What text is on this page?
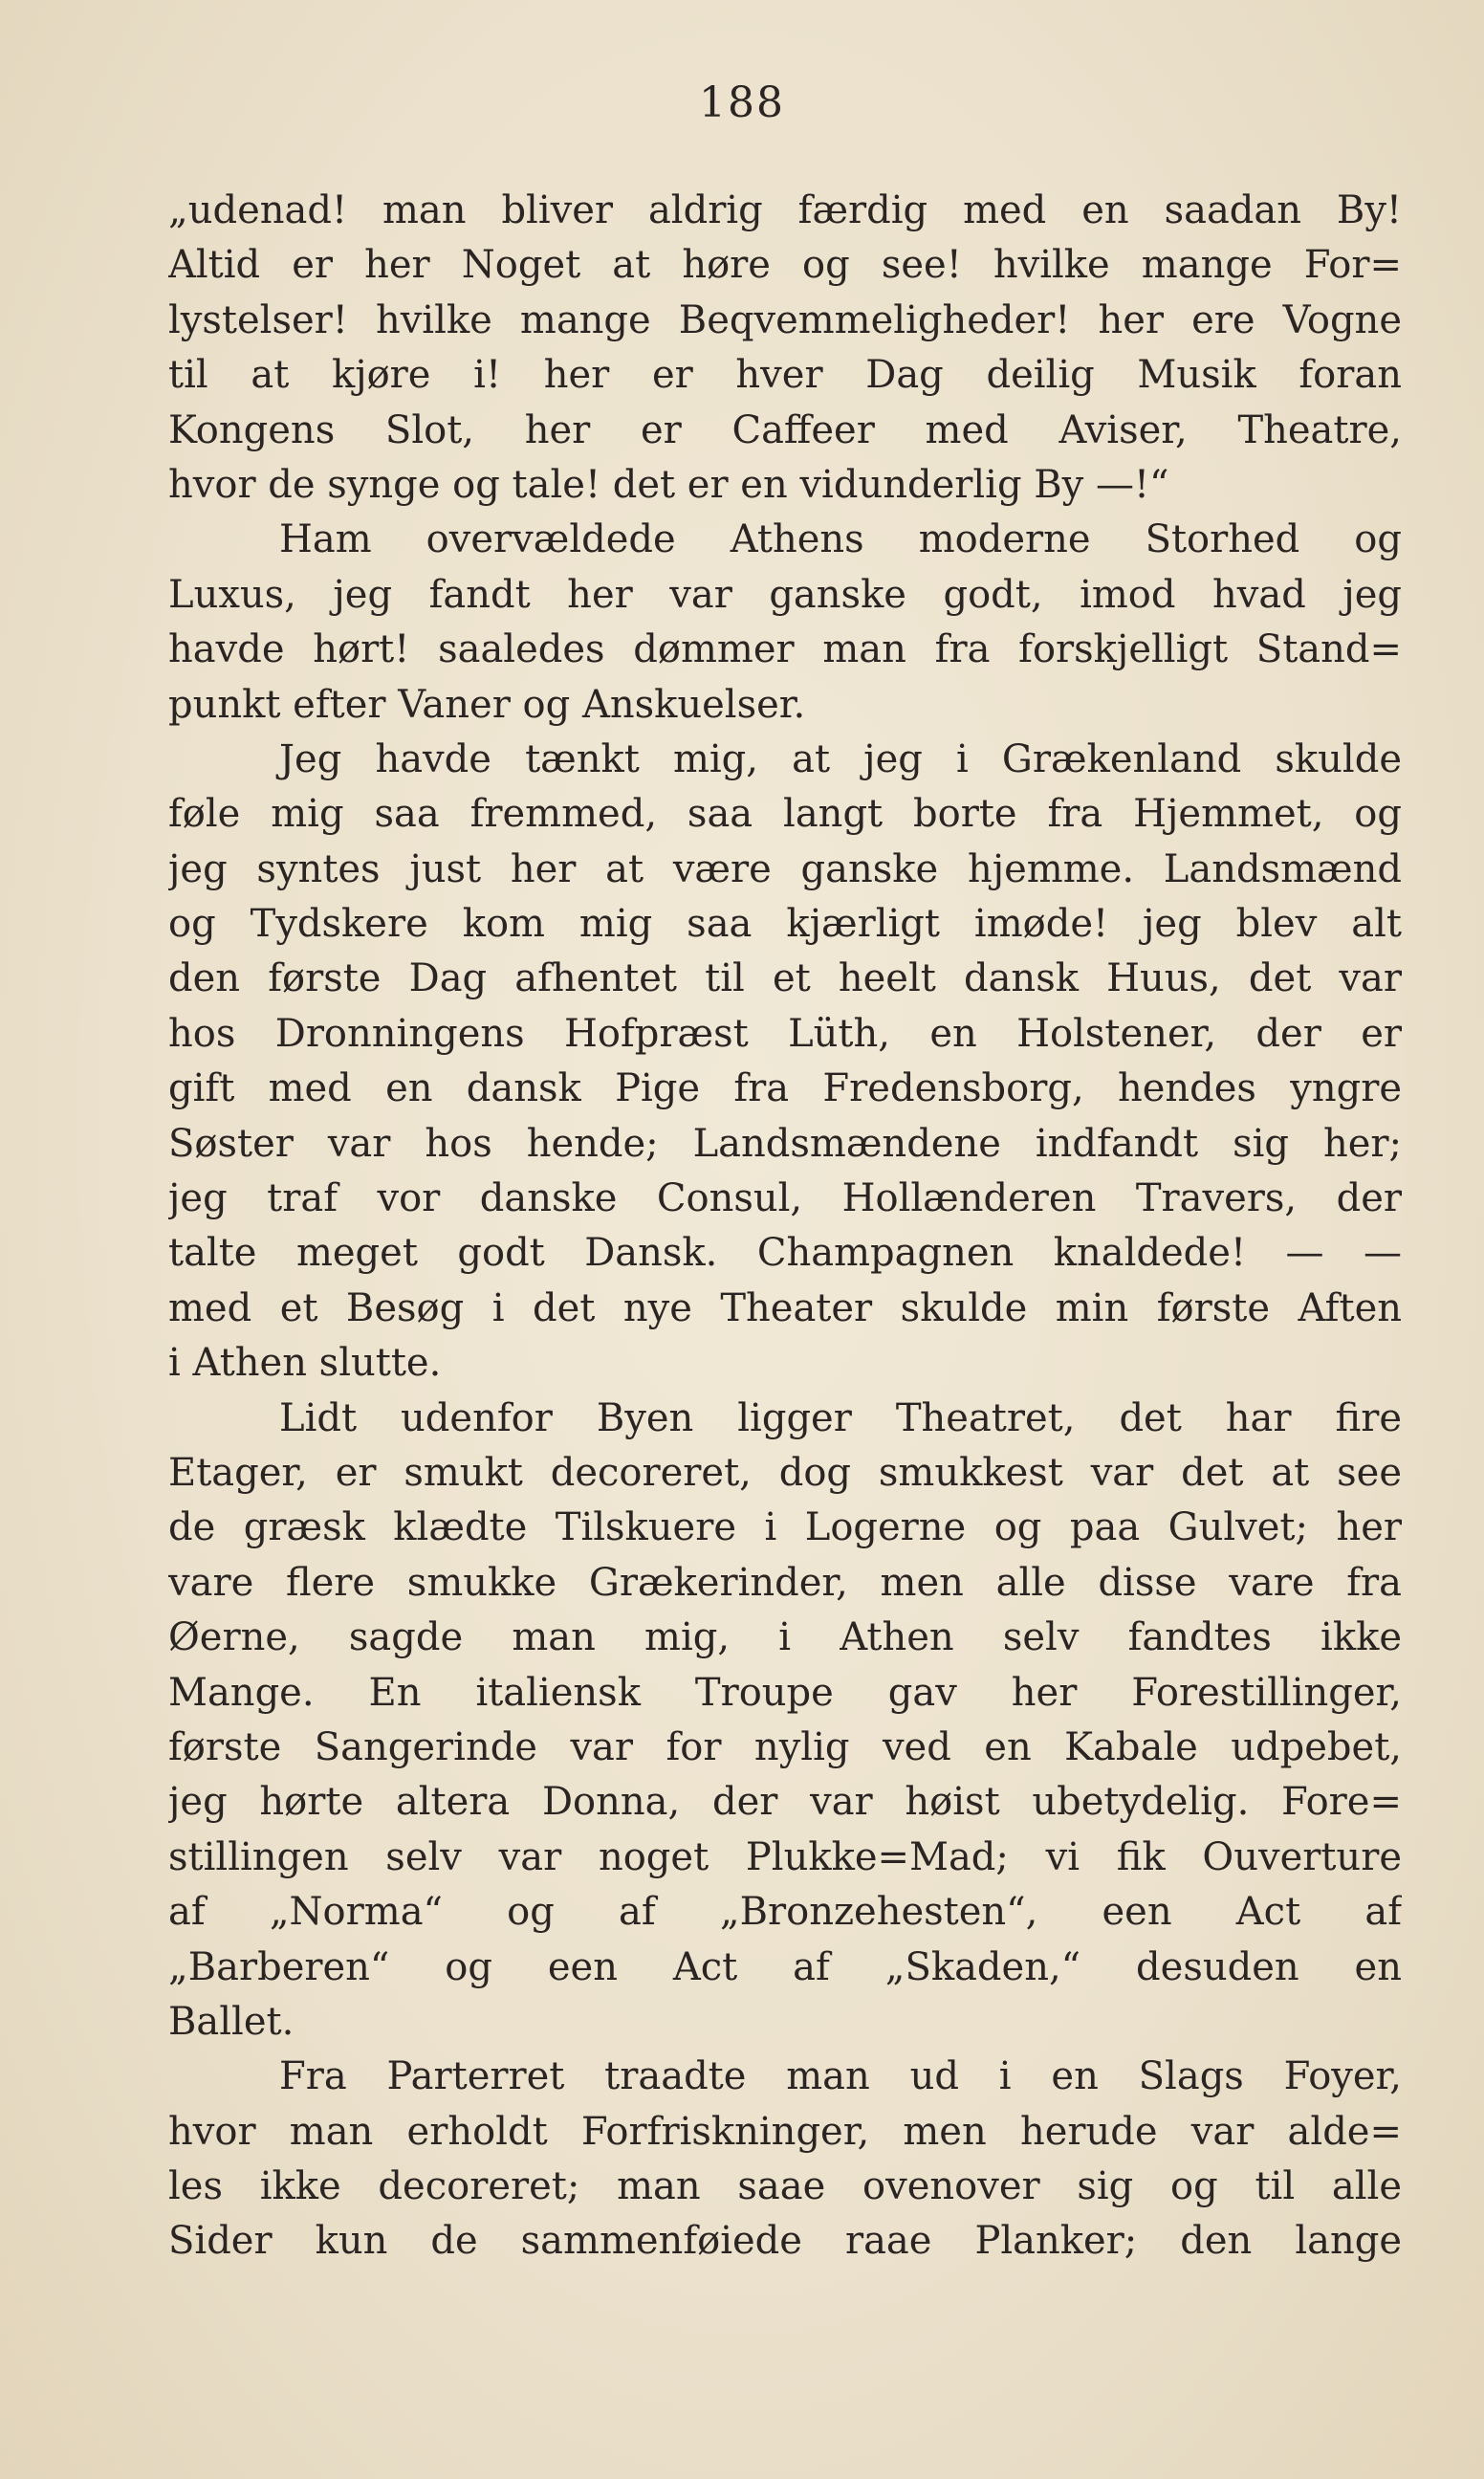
188
„udenad! man bliver aldrig færdig med en saadan By!
Altid er her Noget at høre og see! hvilke mange For=
lystelser! hvilke mange Beqvemmeligheder! her ere Vogne
til at kjøre i! her er hver Dag deilig Musik foran
Kongens Slot, her er Caffeer med Aviser, Theatre,
hvor de synge og tale! det er en vidunderlig By —!“
Ham overvældede Athens moderne Storhed og
Luxus, jeg fandt her var ganske godt, imod hvad jeg
havde hørt! saaledes dømmer man fra forskjelligt Stand=
punkt efter Vaner og Anskuelser.
Jeg havde tænkt mig, at jeg i Grækenland skulde
føle mig saa fremmed, saa langt borte fra Hjemmet, og
jeg syntes just her at være ganske hjemme. Landsmænd
og Tydskere kom mig saa kjærligt imøde! jeg blev alt
den første Dag afhentet til et heelt dansk Huus, det var
hos Dronningens Hofpræst Lüth, en Holstener, der er
gift med en dansk Pige fra Fredensborg, hendes yngre
Søster var hos hende; Landsmændene indfandt sig her;
jeg traf vor danske Consul, Hollænderen Travers, der
talte meget godt Dansk. Champagnen knaldede! — —
med et Besøg i det nye Theater skulde min første Aften
i Athen slutte.
Lidt udenfor Byen ligger Theatret, det har fire
Etager, er smukt decoreret, dog smukkest var det at see
de græsk klædte Tilskuere i Logerne og paa Gulvet; her
vare flere smukke Grækerinder, men alle disse vare fra
Øerne, sagde man mig, i Athen selv fandtes ikke
Mange. En italiensk Troupe gav her Forestillinger,
første Sangerinde var for nylig ved en Kabale udpebet,
jeg hørte altera Donna, der var høist ubetydelig. Fore=
stillingen selv var noget Plukke=Mad; vi fik Ouverture
af „Norma“ og af „Bronzehesten“, een Act af
„Barberen“ og een Act af „Skaden,“ desuden en
Ballet.
Fra Parterret traadte man ud i en Slags Foyer,
hvor man erholdt Forfriskninger, men herude var alde=
les ikke decoreret; man saae ovenover sig og til alle
Sider kun de sammenføiede raae Planker; den lange
